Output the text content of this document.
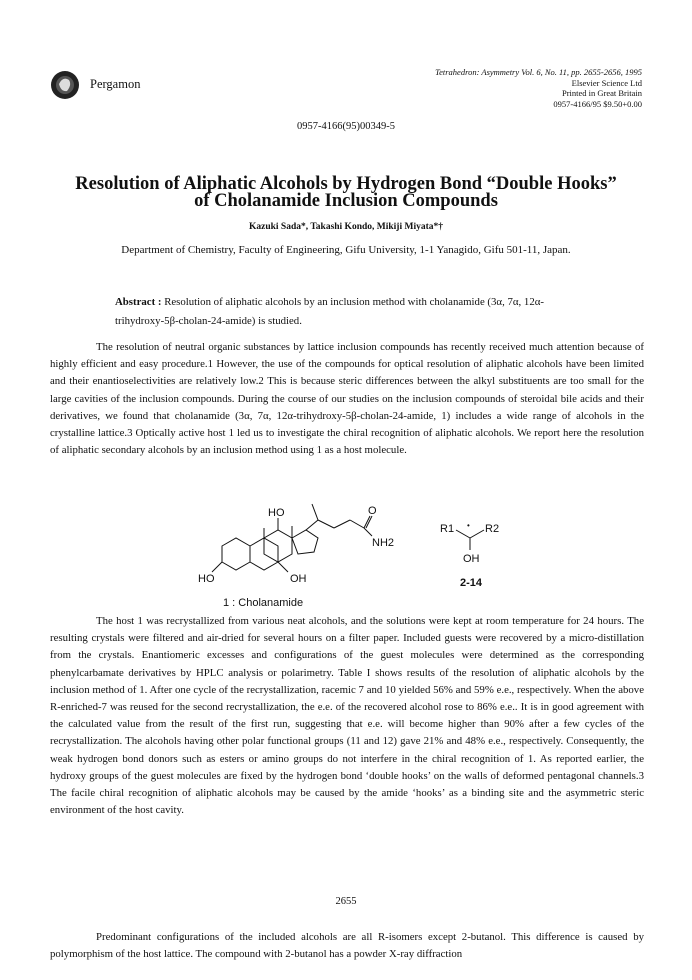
Pergamon
Tetrahedron: Asymmetry Vol. 6, No. 11, pp. 2655-2656, 1995
Elsevier Science Ltd
Printed in Great Britain
0957-4166/95 $9.50+0.00
0957-4166(95)00349-5
Resolution of Aliphatic Alcohols by Hydrogen Bond “Double Hooks”
of Cholanamide Inclusion Compounds
Kazuki Sada*, Takashi Kondo, Mikiji Miyata*†
Department of Chemistry, Faculty of Engineering, Gifu University, 1-1 Yanagido, Gifu 501-11, Japan.
Abstract : Resolution of aliphatic alcohols by an inclusion method with cholanamide (3α, 7α, 12α-trihydroxy-5β-cholan-24-amide) is studied.
The resolution of neutral organic substances by lattice inclusion compounds has recently received much attention because of highly efficient and easy procedure.1 However, the use of the compounds for optical resolution of aliphatic alcohols have been limited and their enantioselectivities are relatively low.2 This is because steric differences between the alkyl substituents are too small for the large cavities of the inclusion compounds. During the course of our studies on the inclusion compounds of steroidal bile acids and their derivatives, we found that cholanamide (3α, 7α, 12α-trihydroxy-5β-cholan-24-amide, 1) includes a wide range of alcohols in the crystalline lattice.3 Optically active host 1 led us to investigate the chiral recognition of aliphatic alcohols. We report here the resolution of aliphatic secondary alcohols by an inclusion method using 1 as a host molecule.
HO	O
NH2
HO	OH
1 : Cholanamide
R1	R2
•
OH
2-14
The host 1 was recrystallized from various neat alcohols, and the solutions were kept at room temperature for 24 hours. The resulting crystals were filtered and air-dried for several hours on a filter paper. Included guests were recovered by a micro-distillation from the crystals. Enantiomeric excesses and configurations of the guest molecules were determined as the corresponding phenylcarbamate derivatives by HPLC analysis or polarimetry. Table I shows results of the resolution of aliphatic alcohols by the inclusion method of 1. After one cycle of the recrystallization, racemic 7 and 10 yielded 56% and 59% e.e., respectively. When the above R-enriched-7 was reused for the second recrystallization, the e.e. of the recovered alcohol rose to 86% e.e.. It is in good agreement with the calculated value from the result of the first run, suggesting that e.e. will become higher than 90% after a few cycles of the recrystallization. The alcohols having other polar functional groups (11 and 12) gave 21% and 48% e.e., respectively. Consequently, the weak hydrogen bond donors such as esters or amino groups do not interfere in the chiral recognition of 1. As reported earlier, the hydroxy groups of the guest molecules are fixed by the hydrogen bond ‘double hooks’ on the walls of deformed pentagonal channels.3 The facile chiral recognition of aliphatic alcohols may be caused by the amide ‘hooks’ as a binding site and the asymmetric steric environment of the host cavity.
2655
Predominant configurations of the included alcohols are all R-isomers except 2-butanol. This difference is caused by polymorphism of the host lattice. The compound with 2-butanol has a powder X-ray diffraction
